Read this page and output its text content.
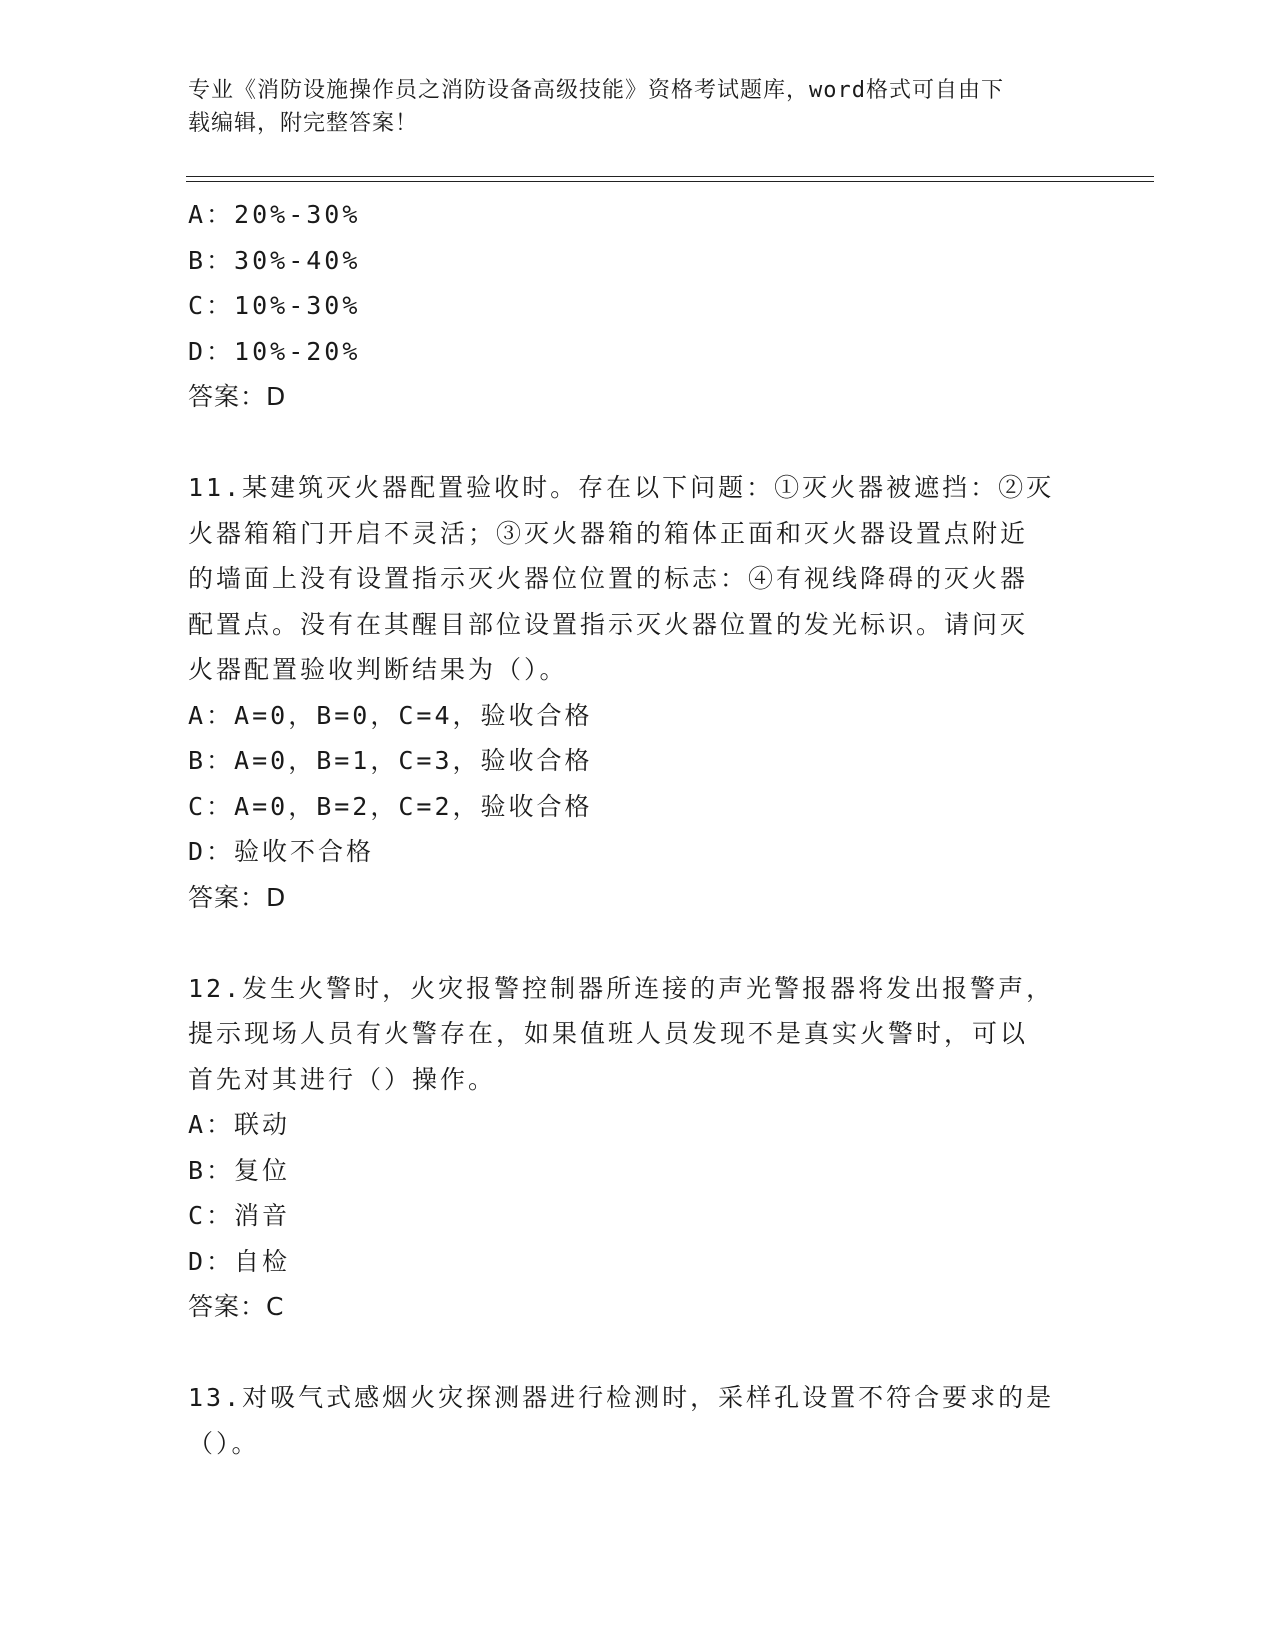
专业《消防设施操作员之消防设备高级技能》资格考试题库，word格式可自由下
载编辑，附完整答案！
A：20%-30%
B：30%-40%
C：10%-30%
D：10%-20%
答案：D
11.某建筑灭火器配置验收时。存在以下问题：①灭火器被遮挡：②灭
火器箱箱门开启不灵活；③灭火器箱的箱体正面和灭火器设置点附近
的墙面上没有设置指示灭火器位位置的标志：④有视线降碍的灭火器
配置点。没有在其醒目部位设置指示灭火器位置的发光标识。请问灭
火器配置验收判断结果为（）。
A：A=0，B=0，C=4，验收合格
B：A=0，B=1，C=3，验收合格
C：A=0，B=2，C=2，验收合格
D：验收不合格
答案：D
12.发生火警时，火灾报警控制器所连接的声光警报器将发出报警声，
提示现场人员有火警存在，如果值班人员发现不是真实火警时，可以
首先对其进行（）操作。
A：联动
B：复位
C：消音
D：自检
答案：C
13.对吸气式感烟火灾探测器进行检测时，采样孔设置不符合要求的是
（）。
